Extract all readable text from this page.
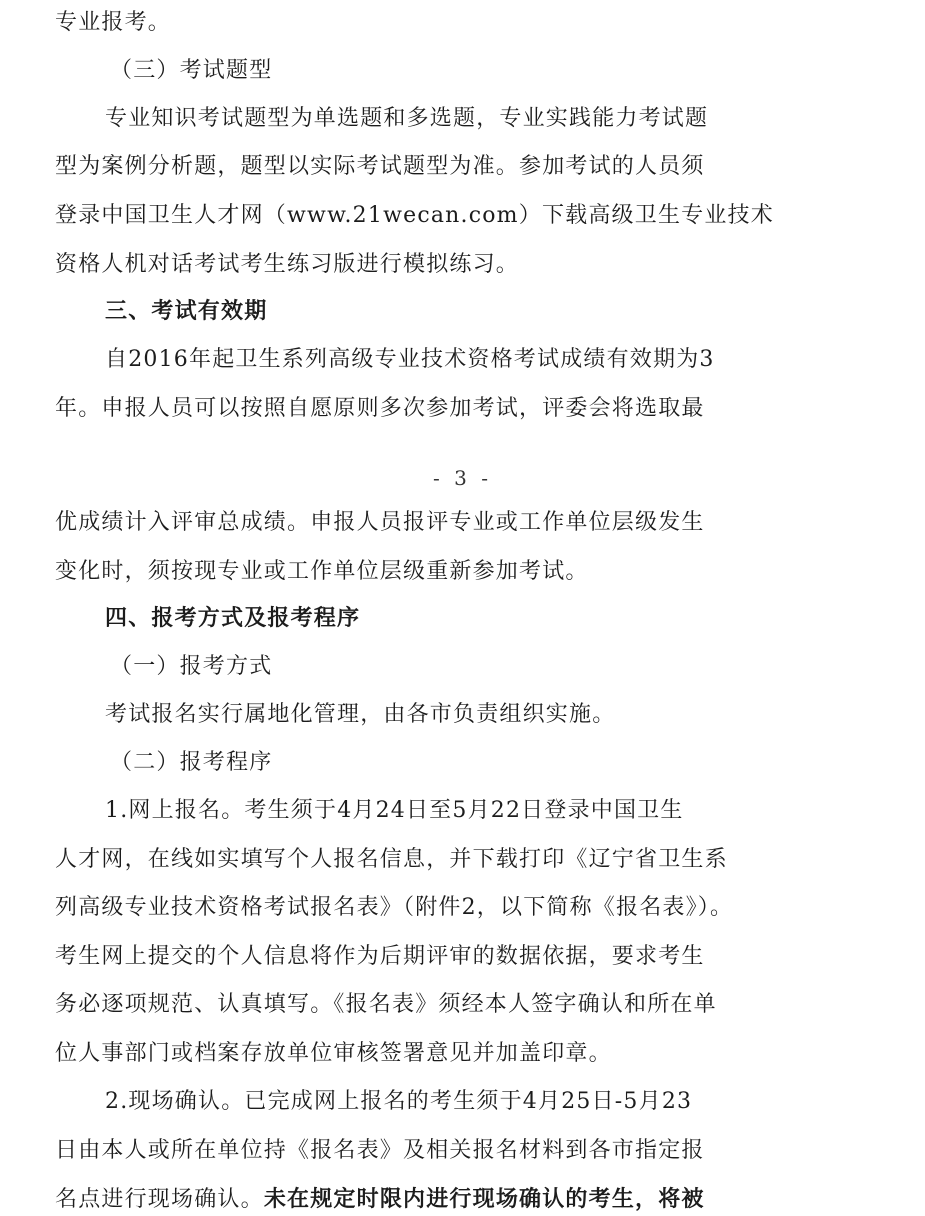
专业报考。
（三）考试题型
专业知识考试题型为单选题和多选题，专业实践能力考试题
型为案例分析题，题型以实际考试题型为准。参加考试的人员须
登录中国卫生人才网（www.21wecan.com）下载高级卫生专业技术
资格人机对话考试考生练习版进行模拟练习。
三、考试有效期
自2016年起卫生系列高级专业技术资格考试成绩有效期为3
年。申报人员可以按照自愿原则多次参加考试，评委会将选取最
- 3 -
优成绩计入评审总成绩。申报人员报评专业或工作单位层级发生
变化时，须按现专业或工作单位层级重新参加考试。
四、报考方式及报考程序
（一）报考方式
考试报名实行属地化管理，由各市负责组织实施。
（二）报考程序
1.网上报名。考生须于4月24日至5月22日登录中国卫生
人才网，在线如实填写个人报名信息，并下载打印《辽宁省卫生系
列高级专业技术资格考试报名表》（附件2，以下简称《报名表》）。
考生网上提交的个人信息将作为后期评审的数据依据，要求考生
务必逐项规范、认真填写。《报名表》须经本人签字确认和所在单
位人事部门或档案存放单位审核签署意见并加盖印章。
2.现场确认。已完成网上报名的考生须于4月25日-5月23
日由本人或所在单位持《报名表》及相关报名材料到各市指定报
名点进行现场确认。未在规定时限内进行现场确认的考生，将被
